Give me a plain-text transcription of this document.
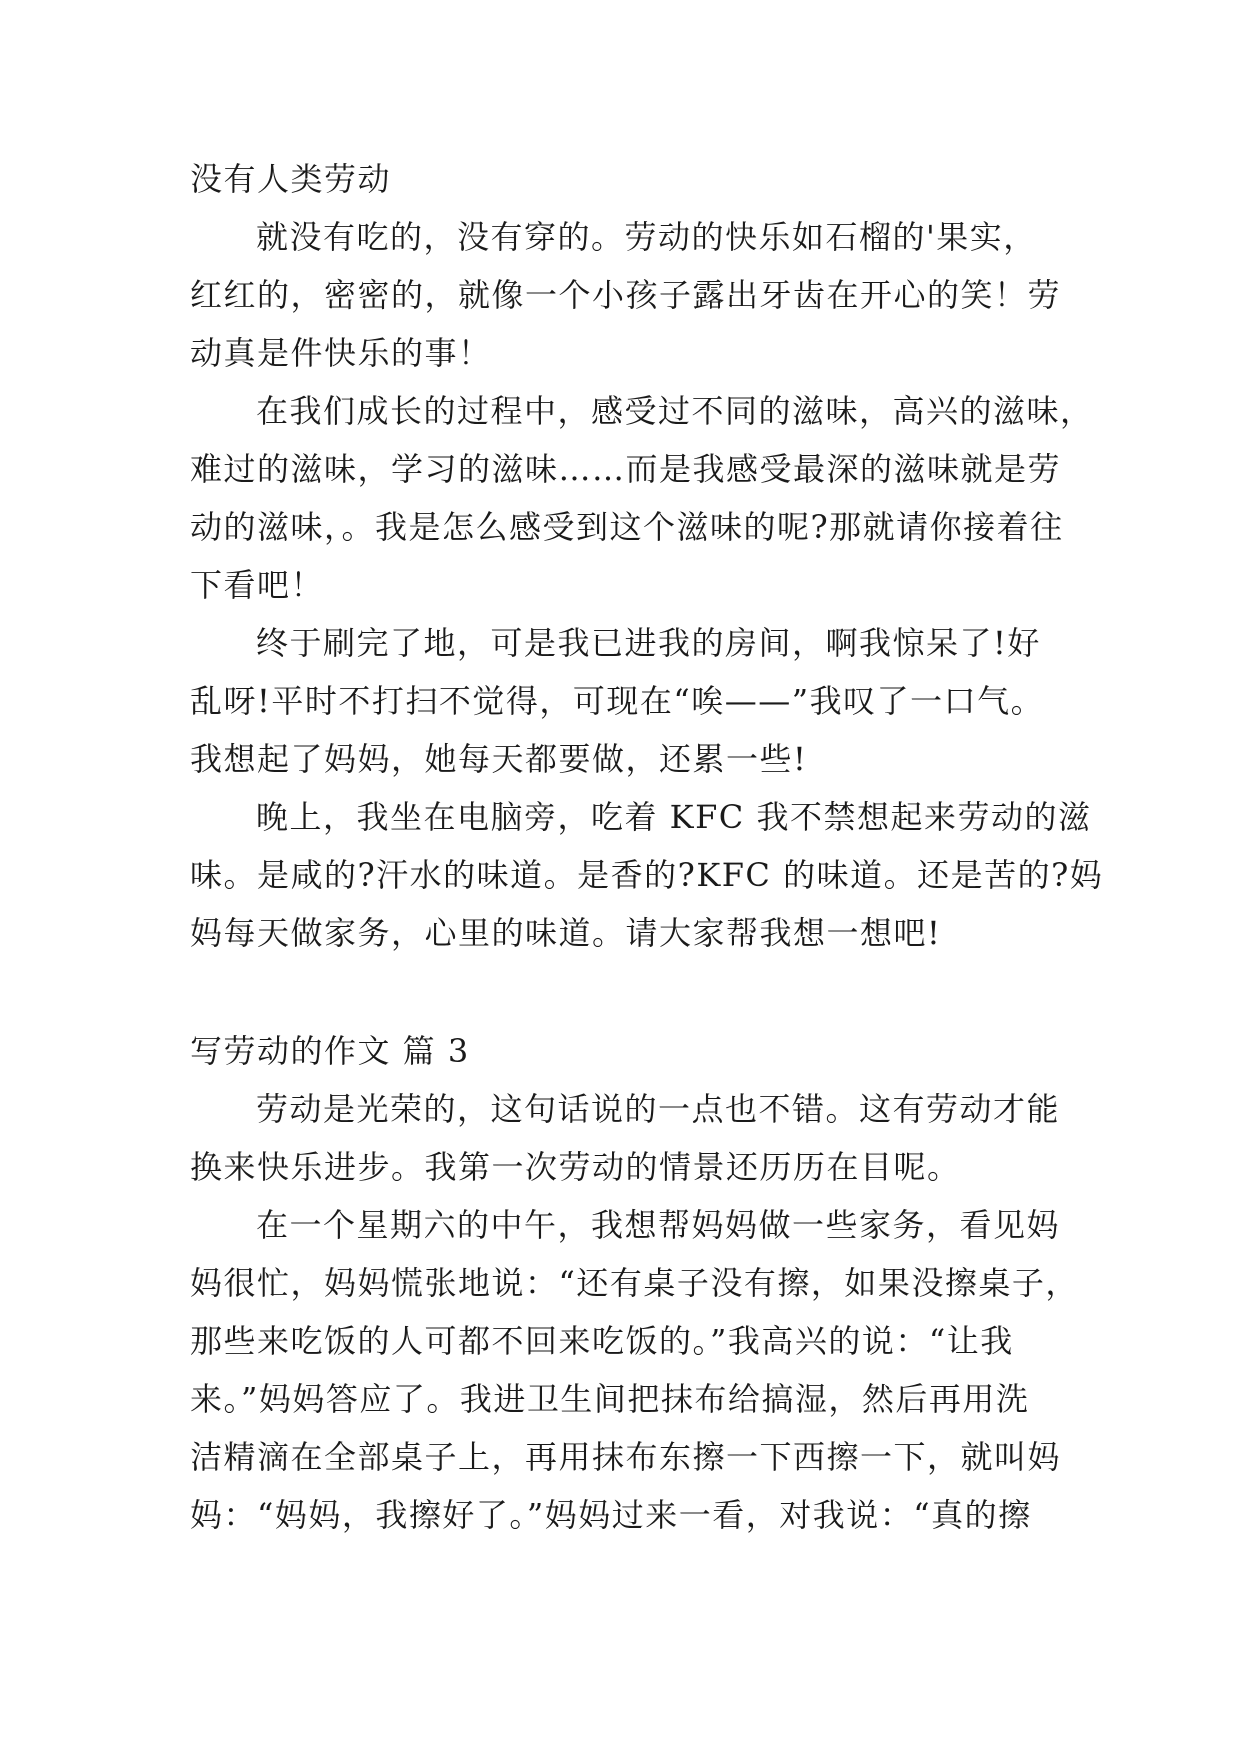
没有人类劳动
就没有吃的，没有穿的。劳动的快乐如石榴的'果实，
红红的，密密的，就像一个小孩子露出牙齿在开心的笑！劳
动真是件快乐的事！
在我们成长的过程中，感受过不同的滋味，高兴的滋味，
难过的滋味，学习的滋味……而是我感受最深的滋味就是劳
动的滋味，。我是怎么感受到这个滋味的呢?那就请你接着往
下看吧！
终于刷完了地，可是我已进我的房间，啊我惊呆了!好
乱呀!平时不打扫不觉得，可现在“唉——”我叹了一口气。
我想起了妈妈，她每天都要做，还累一些!
晚上，我坐在电脑旁，吃着 KFC 我不禁想起来劳动的滋
味。是咸的?汗水的味道。是香的?KFC 的味道。还是苦的?妈
妈每天做家务，心里的味道。请大家帮我想一想吧!
写劳动的作文 篇 3
劳动是光荣的，这句话说的一点也不错。这有劳动才能
换来快乐进步。我第一次劳动的情景还历历在目呢。
在一个星期六的中午，我想帮妈妈做一些家务，看见妈
妈很忙，妈妈慌张地说：“还有桌子没有擦，如果没擦桌子，
那些来吃饭的人可都不回来吃饭的。”我高兴的说：“让我
来。”妈妈答应了。我进卫生间把抹布给搞湿，然后再用洗
洁精滴在全部桌子上，再用抹布东擦一下西擦一下，就叫妈
妈：“妈妈，我擦好了。”妈妈过来一看，对我说：“真的擦
